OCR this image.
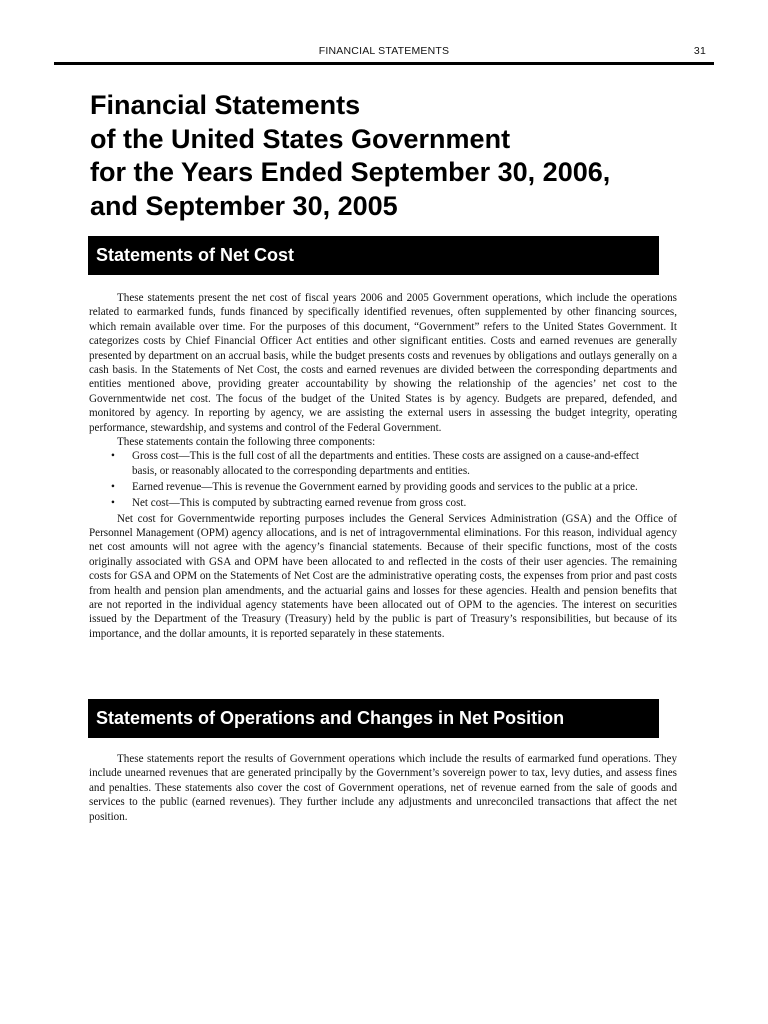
FINANCIAL STATEMENTS	31
Financial Statements
of the United States Government
for the Years Ended September 30, 2006,
and September 30, 2005
Statements of Net Cost

These statements present the net cost of fiscal years 2006 and 2005 Government operations, which include the operations related to earmarked funds, funds financed by specifically identified revenues, often supplemented by other financing sources, which remain available over time. For the purposes of this document, “Government” refers to the United States Government. It categorizes costs by Chief Financial Officer Act entities and other significant entities. Costs and earned revenues are generally presented by department on an accrual basis, while the budget presents costs and revenues by obligations and outlays generally on a cash basis. In the Statements of Net Cost, the costs and earned revenues are divided between the corresponding departments and entities mentioned above, providing greater accountability by showing the relationship of the agencies’ net cost to the Governmentwide net cost. The focus of the budget of the United States is by agency. Budgets are prepared, defended, and monitored by agency. In reporting by agency, we are assisting the external users in assessing the budget integrity, operating performance, stewardship, and systems and control of the Federal Government.

These statements contain the following three components:

• Gross cost—This is the full cost of all the departments and entities. These costs are assigned on a cause-and-effect basis, or reasonably allocated to the corresponding departments and entities.
• Earned revenue—This is revenue the Government earned by providing goods and services to the public at a price.
• Net cost—This is computed by subtracting earned revenue from gross cost.

Net cost for Governmentwide reporting purposes includes the General Services Administration (GSA) and the Office of Personnel Management (OPM) agency allocations, and is net of intragovernmental eliminations. For this reason, individual agency net cost amounts will not agree with the agency’s financial statements. Because of their specific functions, most of the costs originally associated with GSA and OPM have been allocated to and reflected in the costs of their user agencies. The remaining costs for GSA and OPM on the Statements of Net Cost are the administrative operating costs, the expenses from prior and past costs from health and pension plan amendments, and the actuarial gains and losses for these agencies. Health and pension benefits that are not reported in the individual agency statements have been allocated out of OPM to the agencies. The interest on securities issued by the Department of the Treasury (Treasury) held by the public is part of Treasury’s responsibilities, but because of its importance, and the dollar amounts, it is reported separately in these statements.

Statements of Operations and Changes in Net Position

These statements report the results of Government operations which include the results of earmarked fund operations. They include unearned revenues that are generated principally by the Government’s sovereign power to tax, levy duties, and assess fines and penalties. These statements also cover the cost of Government operations, net of revenue earned from the sale of goods and services to the public (earned revenues). They further include any adjustments and unreconciled transactions that affect the net position.
